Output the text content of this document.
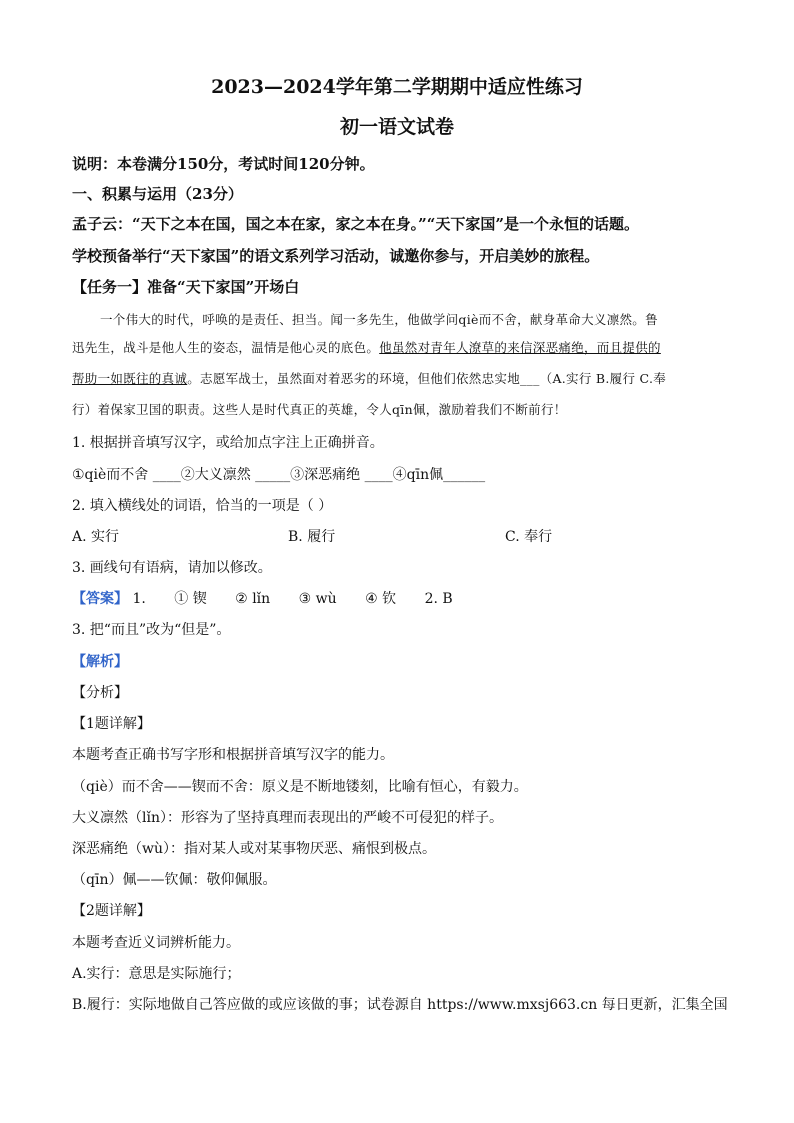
2023—2024学年第二学期期中适应性练习
初一语文试卷
说明：本卷满分150分，考试时间120分钟。
一、积累与运用（23分）
孟子云：“天下之本在国，国之本在家，家之本在身。”“天下家国”是一个永恒的话题。
学校预备举行“天下家国”的语文系列学习活动，诚邀你参与，开启美妙的旅程。
【任务一】准备“天下家国”开场白
一个伟大的时代，呼唤的是责任、担当。闻一多先生，他做学问qiè而不舍，献身革命大义凛然。鲁
迅先生，战斗是他人生的姿态，温情是他心灵的底色。他虽然对青年人潦草的来信深恶痛绝，而且提供的
帮助一如既往的真诚。志愿军战士，虽然面对着恶劣的环境，但他们依然忠实地___（A.实行 B.履行 C.奉
行）着保家卫国的职责。这些人是时代真正的英雄，令人qīn佩，激励着我们不断前行！
1. 根据拼音填写汉字，或给加点字注上正确拼音。
①qiè而不舍 ____②大义凛然 _____③深恶痛绝 ____④qīn佩______
2. 填入横线处的词语，恰当的一项是（ ）
A. 实行	B. 履行	C. 奉行
3. 画线句有语病，请加以修改。
【答案】 1. ① 锲 ② lǐn ③ wù ④ 钦 2. B
3. 把“而且”改为“但是”。
【解析】
【分析】
【1题详解】
本题考查正确书写字形和根据拼音填写汉字的能力。
（qiè）而不舍——锲而不舍：原义是不断地镂刻，比喻有恒心，有毅力。
大义凛然（lǐn）：形容为了坚持真理而表现出的严峻不可侵犯的样子。
深恶痛绝（wù）：指对某人或对某事物厌恶、痛恨到极点。
（qīn）佩——钦佩：敬仰佩服。
【2题详解】
本题考查近义词辨析能力。
A.实行：意思是实际施行；
B.履行：实际地做自己答应做的或应该做的事；试卷源自 https://www.mxsj663.cn 每日更新，汇集全国
